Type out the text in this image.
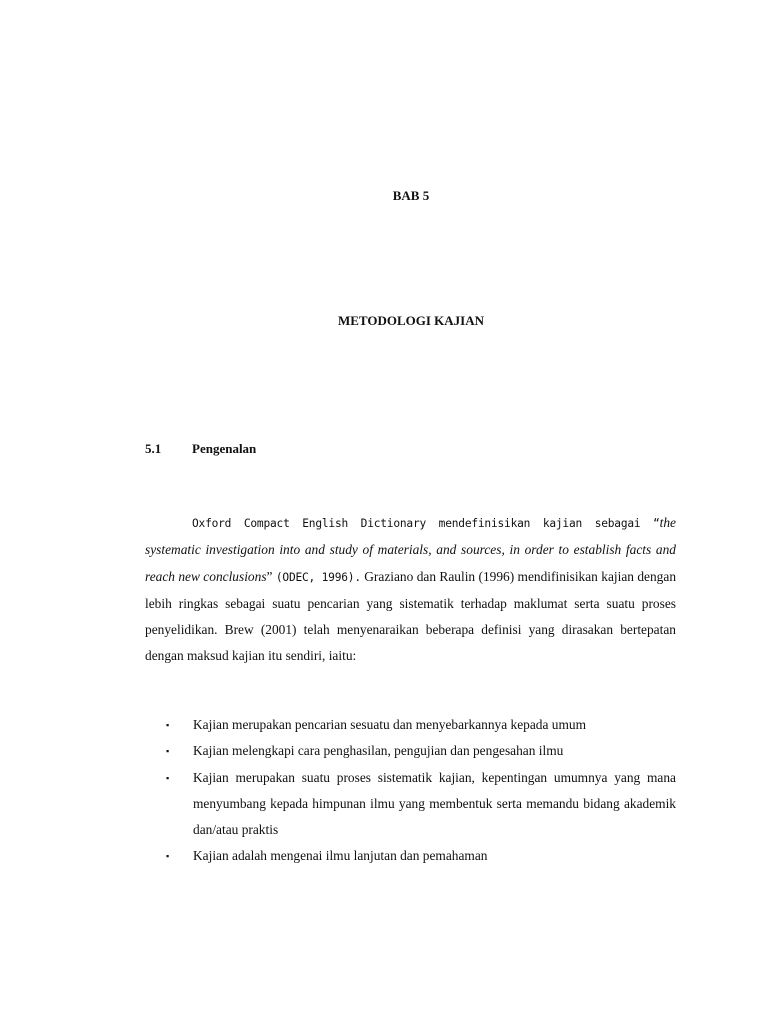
BAB 5
METODOLOGI KAJIAN
5.1 Pengenalan

Oxford Compact English Dictionary mendefinisikan kajian sebagai “the systematic investigation into and study of materials, and sources, in order to establish facts and reach new conclusions” (ODEC, 1996). Graziano dan Raulin (1996) mendifinisikan kajian dengan lebih ringkas sebagai suatu pencarian yang sistematik terhadap maklumat serta suatu proses penyelidikan. Brew (2001) telah menyenaraikan beberapa definisi yang dirasakan bertepatan dengan maksud kajian itu sendiri, iaitu:

▪ Kajian merupakan pencarian sesuatu dan menyebarkannya kepada umum
▪ Kajian melengkapi cara penghasilan, pengujian dan pengesahan ilmu
▪ Kajian merupakan suatu proses sistematik kajian, kepentingan umumnya yang mana menyumbang kepada himpunan ilmu yang membentuk serta memandu bidang akademik dan/atau praktis
▪ Kajian adalah mengenai ilmu lanjutan dan pemahaman
